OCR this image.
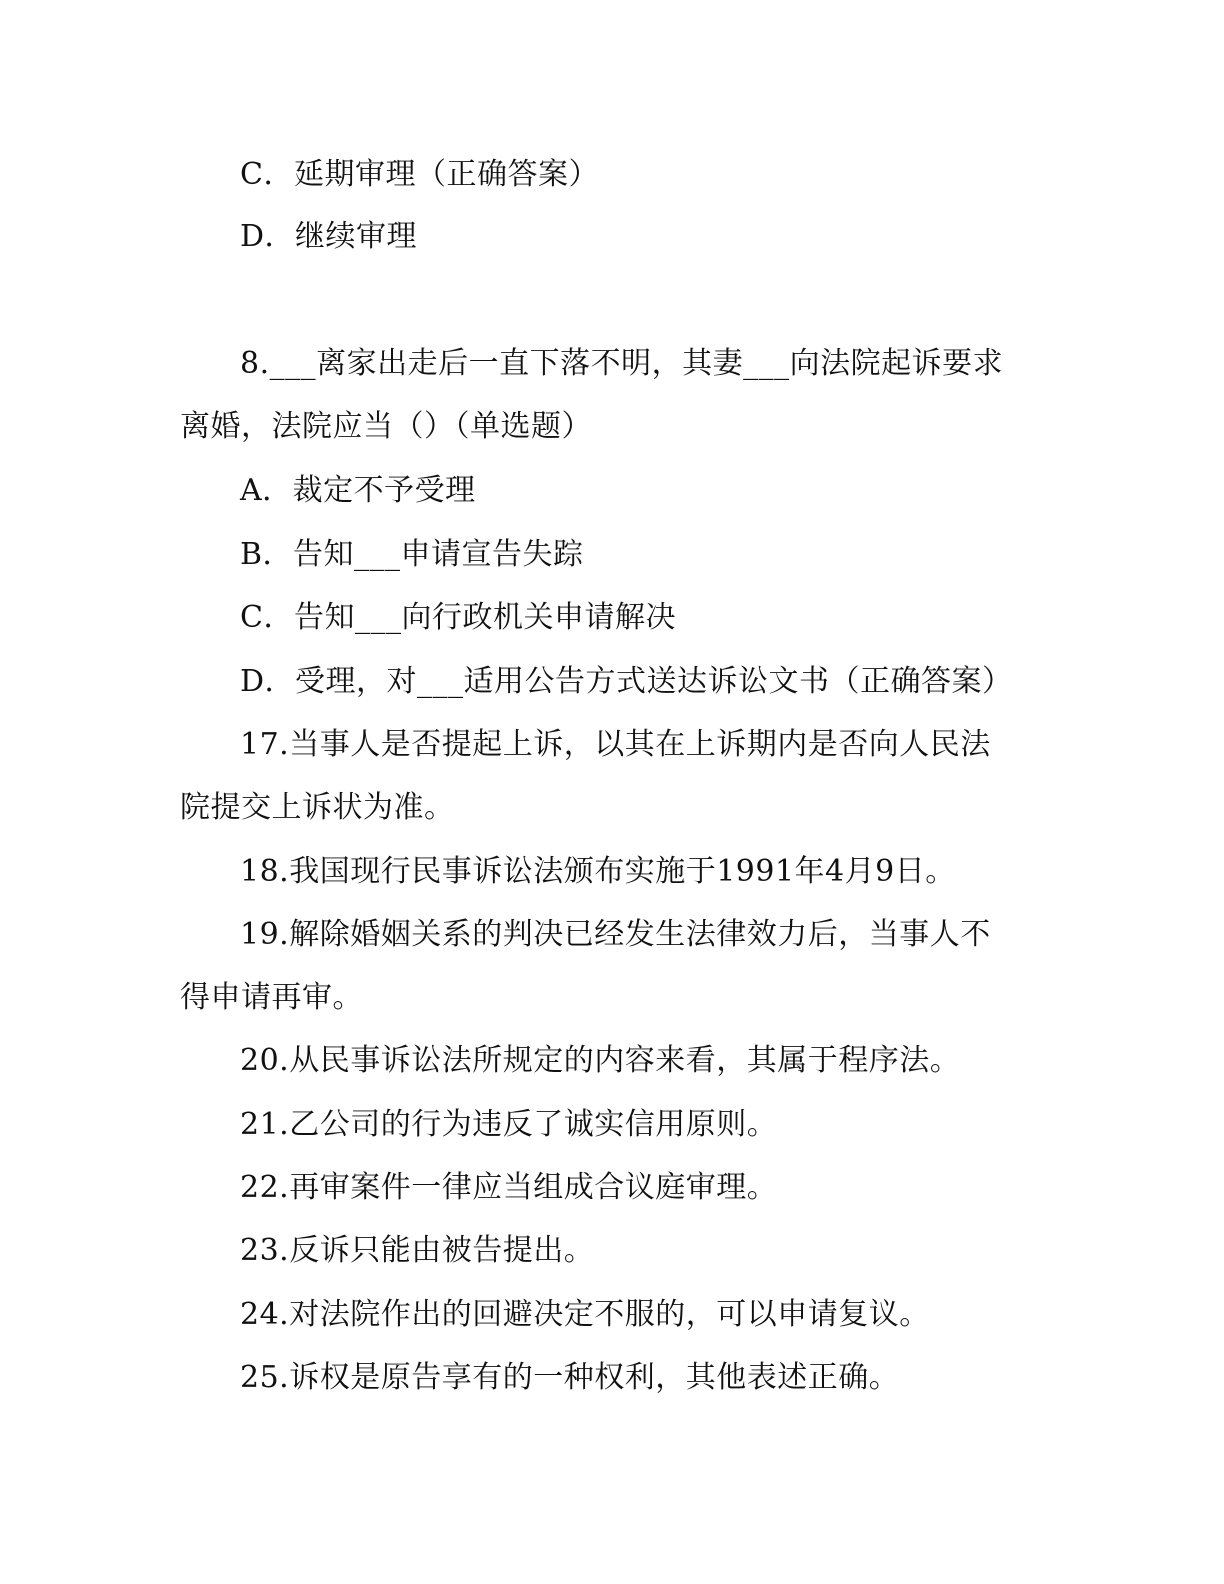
C．延期审理（正确答案）
D．继续审理
8.___离家出走后一直下落不明，其妻___向法院起诉要求
离婚，法院应当（）（单选题）
A．裁定不予受理
B．告知___申请宣告失踪
C．告知___向行政机关申请解决
D．受理，对___适用公告方式送达诉讼文书（正确答案）
17.当事人是否提起上诉，以其在上诉期内是否向人民法
院提交上诉状为准。
18.我国现行民事诉讼法颁布实施于1991年4月9日。
19.解除婚姻关系的判决已经发生法律效力后，当事人不
得申请再审。
20.从民事诉讼法所规定的内容来看，其属于程序法。
21.乙公司的行为违反了诚实信用原则。
22.再审案件一律应当组成合议庭审理。
23.反诉只能由被告提出。
24.对法院作出的回避决定不服的，可以申请复议。
25.诉权是原告享有的一种权利，其他表述正确。
